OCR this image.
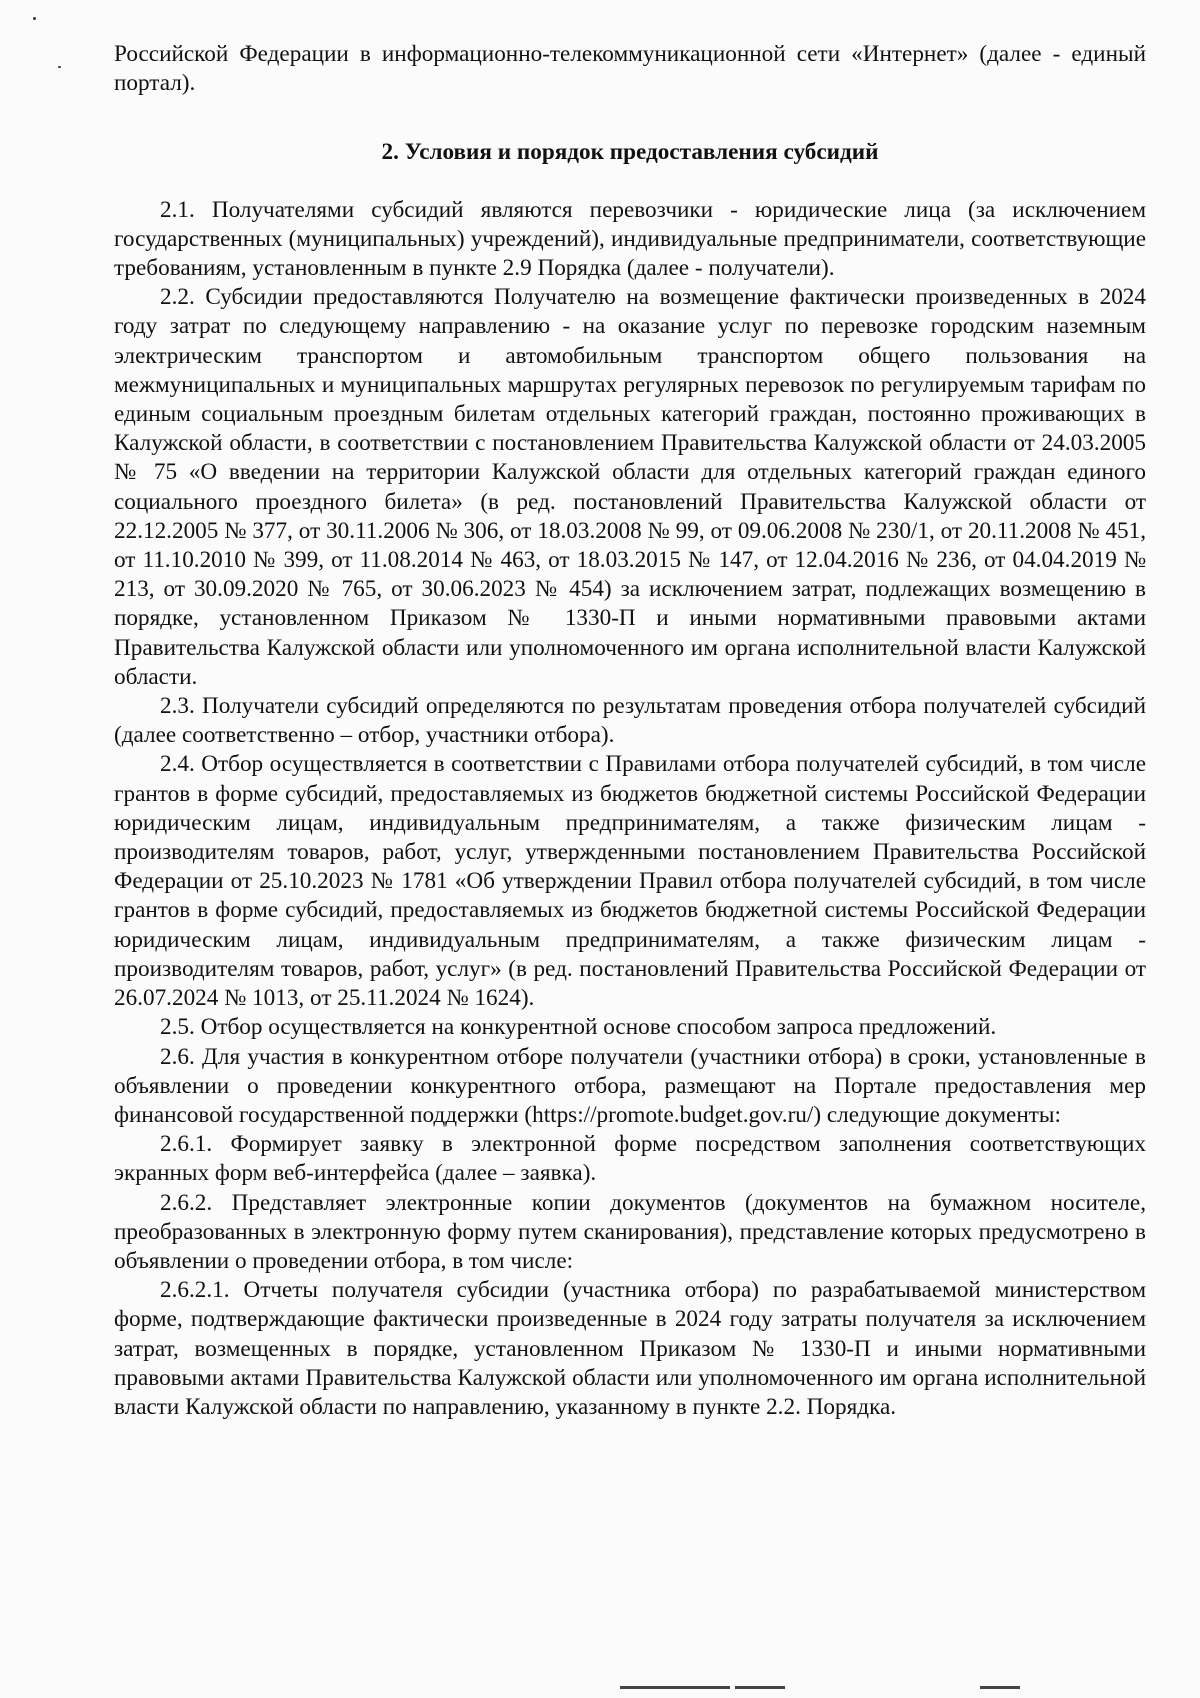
Российской Федерации в информационно-телекоммуникационной сети «Интернет» (далее - единый портал).

2. Условия и порядок предоставления субсидий

2.1. Получателями субсидий являются перевозчики - юридические лица (за исключением государственных (муниципальных) учреждений), индивидуальные предприниматели, соответствующие требованиям, установленным в пункте 2.9 Порядка (далее - получатели).

2.2. Субсидии предоставляются Получателю на возмещение фактически произведенных в 2024 году затрат по следующему направлению - на оказание услуг по перевозке городским наземным электрическим транспортом и автомобильным транспортом общего пользования на межмуниципальных и муниципальных маршрутах регулярных перевозок по регулируемым тарифам по единым социальным проездным билетам отдельных категорий граждан, постоянно проживающих в Калужской области, в соответствии с постановлением Правительства Калужской области от 24.03.2005 № 75 «О введении на территории Калужской области для отдельных категорий граждан единого социального проездного билета» (в ред. постановлений Правительства Калужской области от 22.12.2005 № 377, от 30.11.2006 № 306, от 18.03.2008 № 99, от 09.06.2008 № 230/1, от 20.11.2008 № 451, от 11.10.2010 № 399, от 11.08.2014 № 463, от 18.03.2015 № 147, от 12.04.2016 № 236, от 04.04.2019 № 213, от 30.09.2020 № 765, от 30.06.2023 № 454) за исключением затрат, подлежащих возмещению в порядке, установленном Приказом № 1330-П и иными нормативными правовыми актами Правительства Калужской области или уполномоченного им органа исполнительной власти Калужской области.

2.3. Получатели субсидий определяются по результатам проведения отбора получателей субсидий (далее соответственно – отбор, участники отбора).

2.4. Отбор осуществляется в соответствии с Правилами отбора получателей субсидий, в том числе грантов в форме субсидий, предоставляемых из бюджетов бюджетной системы Российской Федерации юридическим лицам, индивидуальным предпринимателям, а также физическим лицам - производителям товаров, работ, услуг, утвержденными постановлением Правительства Российской Федерации от 25.10.2023 № 1781 «Об утверждении Правил отбора получателей субсидий, в том числе грантов в форме субсидий, предоставляемых из бюджетов бюджетной системы Российской Федерации юридическим лицам, индивидуальным предпринимателям, а также физическим лицам - производителям товаров, работ, услуг» (в ред. постановлений Правительства Российской Федерации от 26.07.2024 № 1013, от 25.11.2024 № 1624).

2.5. Отбор осуществляется на конкурентной основе способом запроса предложений.

2.6. Для участия в конкурентном отборе получатели (участники отбора) в сроки, установленные в объявлении о проведении конкурентного отбора, размещают на Портале предоставления мер финансовой государственной поддержки (https://promote.budget.gov.ru/) следующие документы:

2.6.1. Формирует заявку в электронной форме посредством заполнения соответствующих экранных форм веб-интерфейса (далее – заявка).

2.6.2. Представляет электронные копии документов (документов на бумажном носителе, преобразованных в электронную форму путем сканирования), представление которых предусмотрено в объявлении о проведении отбора, в том числе:

2.6.2.1. Отчеты получателя субсидии (участника отбора) по разрабатываемой министерством форме, подтверждающие фактически произведенные в 2024 году затраты получателя за исключением затрат, возмещенных в порядке, установленном Приказом № 1330-П и иными нормативными правовыми актами Правительства Калужской области или уполномоченного им органа исполнительной власти Калужской области по направлению, указанному в пункте 2.2. Порядка.
